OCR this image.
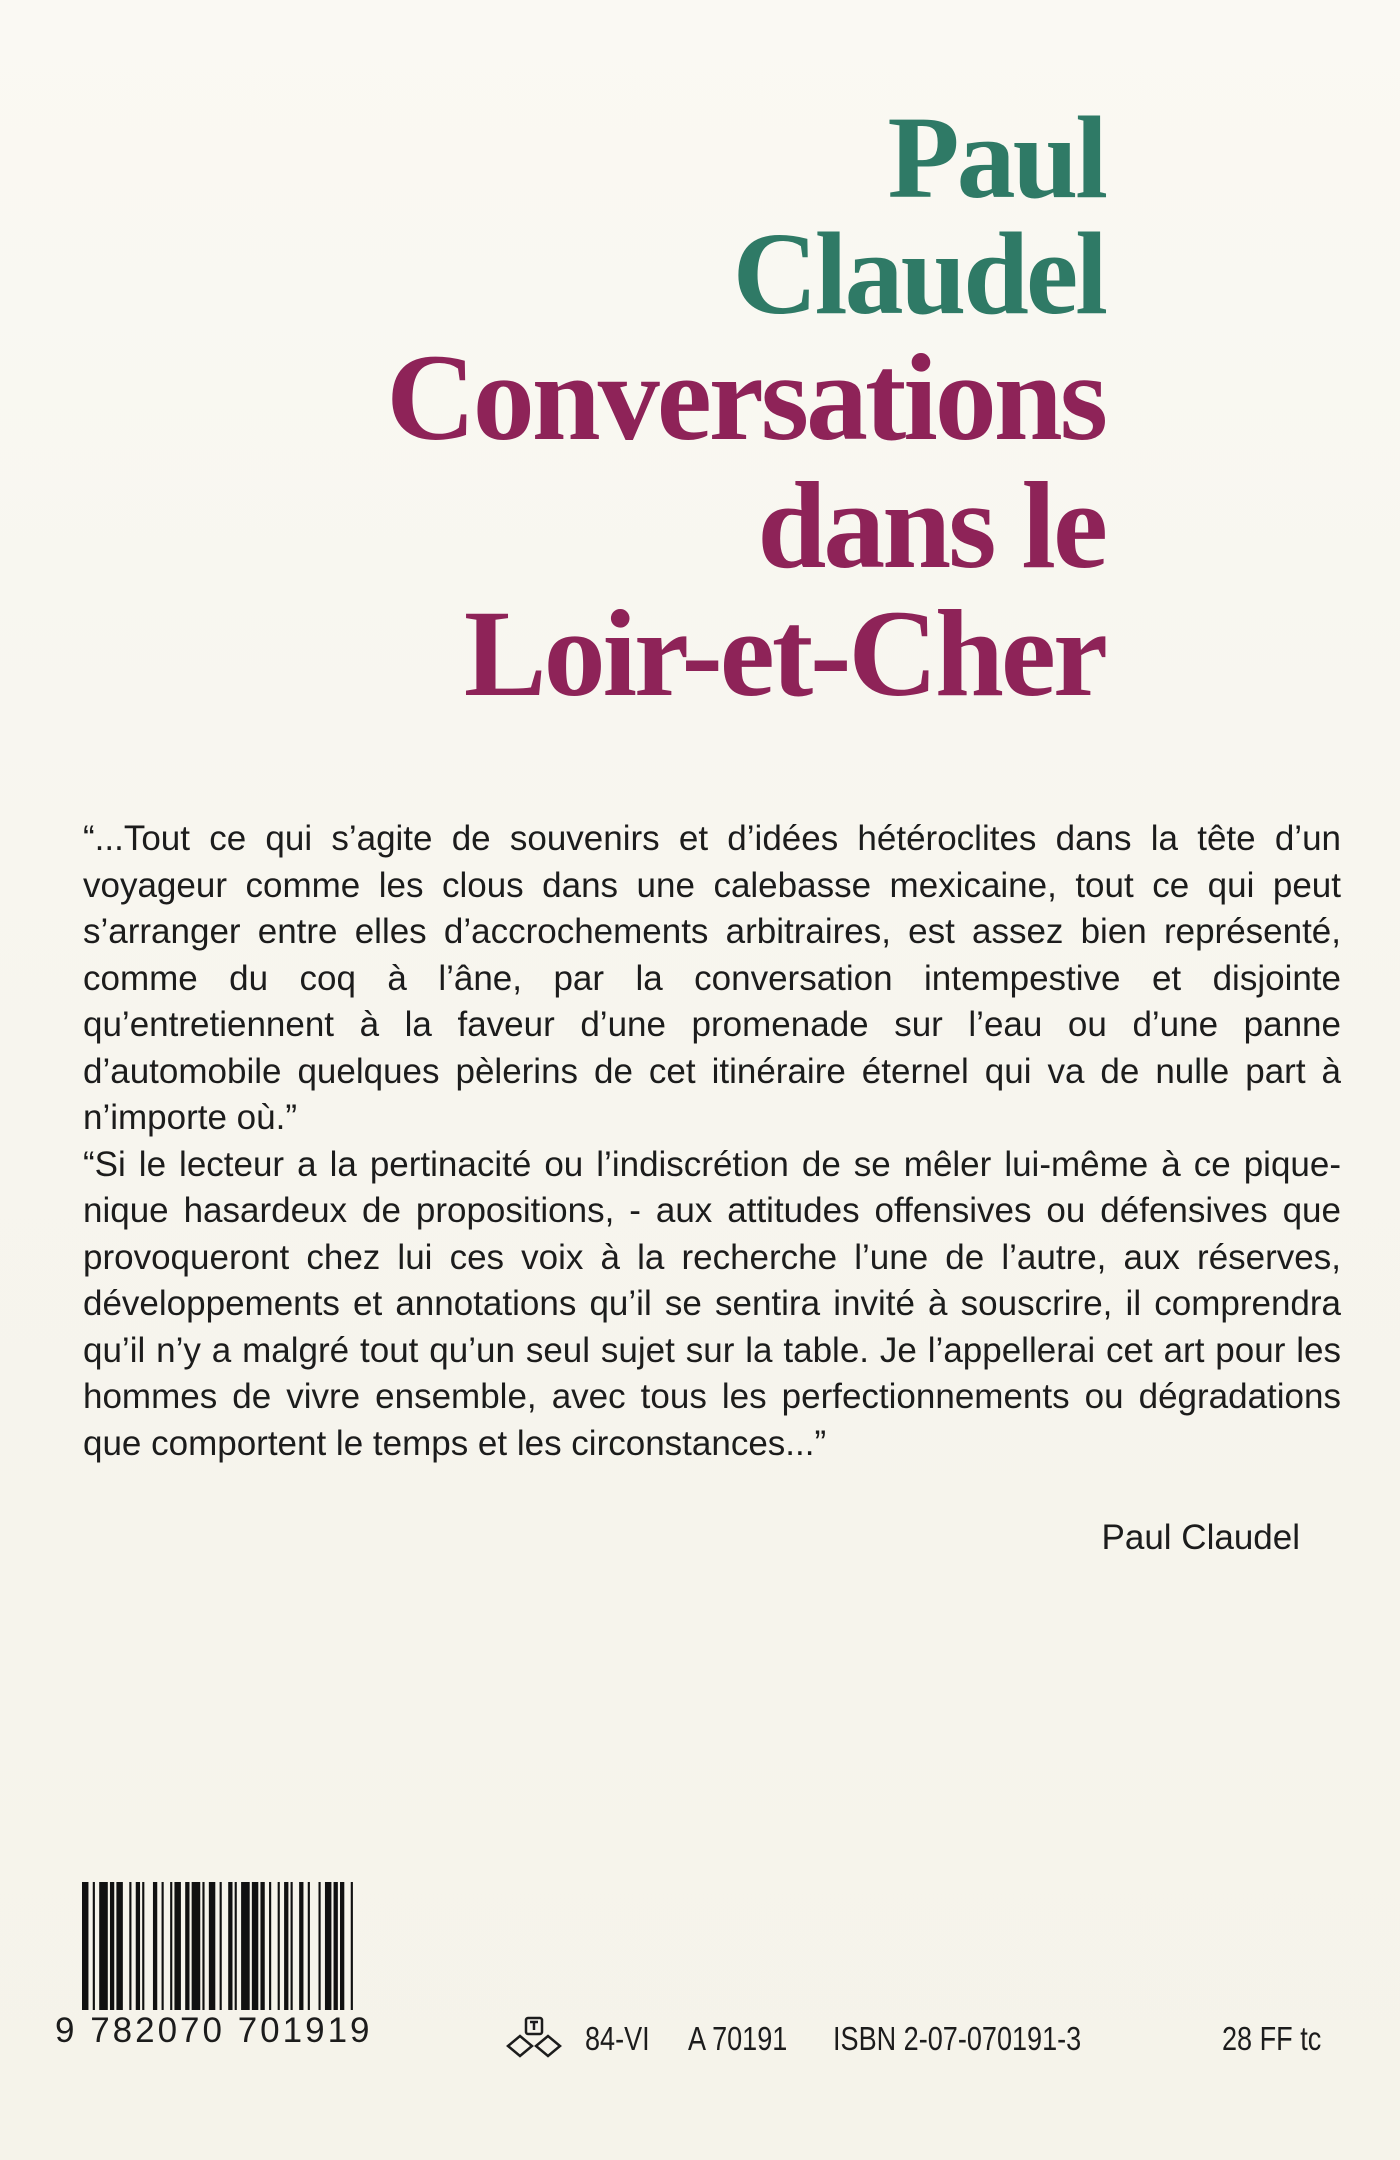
Paul
Claudel
Conversations
dans le
Loir-et-Cher

“...Tout ce qui s’agite de souvenirs et d’idées hétéroclites dans la tête d’un voyageur comme les clous dans une calebasse mexicaine, tout ce qui peut s’arranger entre elles d’accrochements arbitraires, est assez bien représenté, comme du coq à l’âne, par la conversation intempestive et disjointe qu’entretiennent à la faveur d’une promenade sur l’eau ou d’une panne d’automobile quelques pèlerins de cet itinéraire éternel qui va de nulle part à n’importe où.”

“Si le lecteur a la pertinacité ou l’indiscrétion de se mêler lui-même à ce pique-nique hasardeux de propositions, - aux attitudes offensives ou défensives que provoqueront chez lui ces voix à la recherche l’une de l’autre, aux réserves, développements et annotations qu’il se sentira invité à souscrire, il comprendra qu’il n’y a malgré tout qu’un seul sujet sur la table. Je l’appellerai cet art pour les hommes de vivre ensemble, avec tous les perfectionnements ou dégradations que comportent le temps et les circonstances...”

Paul Claudel
9 782070 701919	84-VI A 70191 ISBN 2-07-070191-3	28 FF tc
